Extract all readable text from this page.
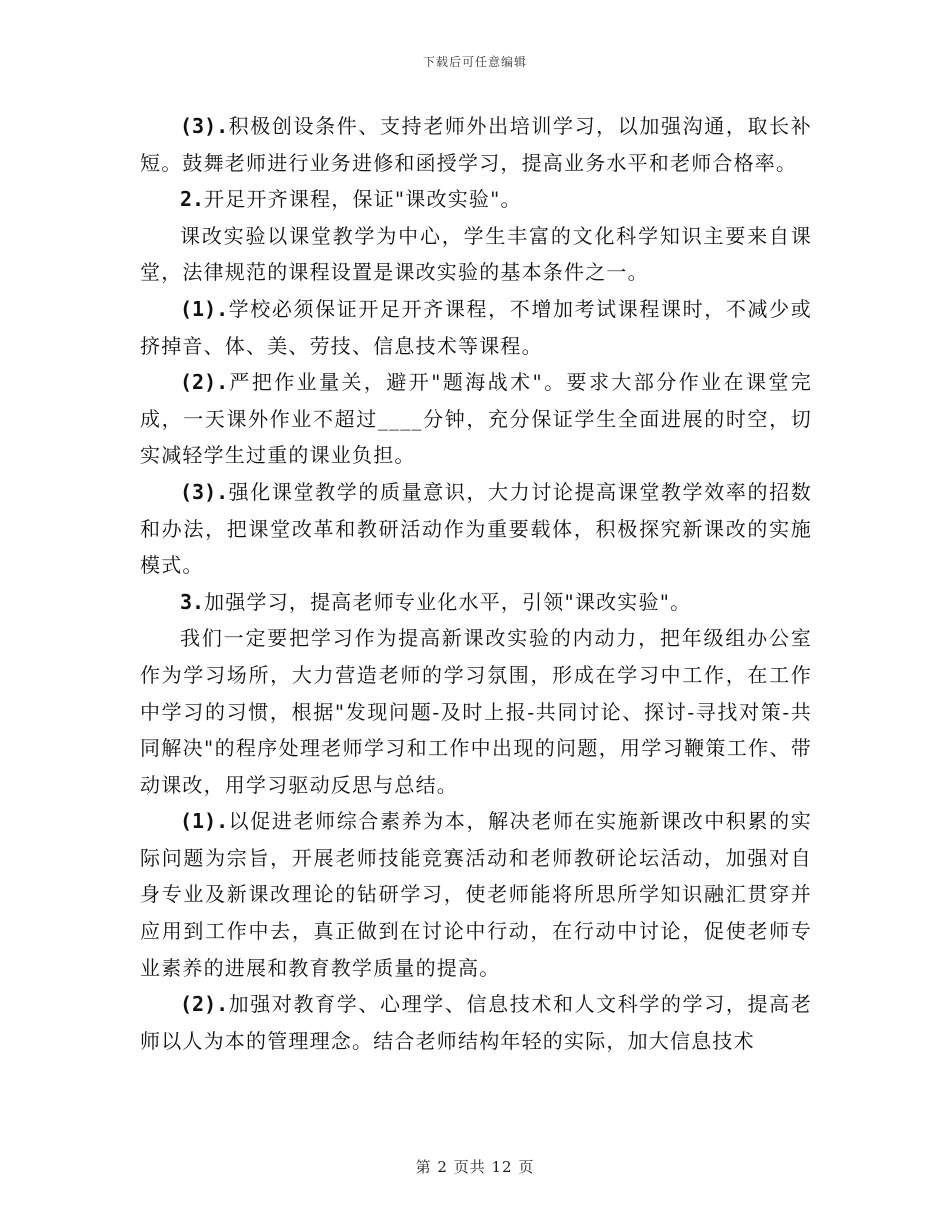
下载后可任意编辑

(3).积极创设条件、支持老师外出培训学习，以加强沟通，取长补短。鼓舞老师进行业务进修和函授学习，提高业务水平和老师合格率。

2.开足开齐课程，保证"课改实验"。

课改实验以课堂教学为中心，学生丰富的文化科学知识主要来自课堂，法律规范的课程设置是课改实验的基本条件之一。

(1).学校必须保证开足开齐课程，不增加考试课程课时，不减少或挤掉音、体、美、劳技、信息技术等课程。

(2).严把作业量关，避开"题海战术"。要求大部分作业在课堂完成，一天课外作业不超过____分钟，充分保证学生全面进展的时空，切实减轻学生过重的课业负担。

(3).强化课堂教学的质量意识，大力讨论提高课堂教学效率的招数和办法，把课堂改革和教研活动作为重要载体，积极探究新课改的实施模式。

3.加强学习，提高老师专业化水平，引领"课改实验"。

我们一定要把学习作为提高新课改实验的内动力，把年级组办公室作为学习场所，大力营造老师的学习氛围，形成在学习中工作，在工作中学习的习惯，根据"发现问题-及时上报-共同讨论、探讨-寻找对策-共同解决"的程序处理老师学习和工作中出现的问题，用学习鞭策工作、带动课改，用学习驱动反思与总结。

(1).以促进老师综合素养为本，解决老师在实施新课改中积累的实际问题为宗旨，开展老师技能竞赛活动和老师教研论坛活动，加强对自身专业及新课改理论的钻研学习，使老师能将所思所学知识融汇贯穿并应用到工作中去，真正做到在讨论中行动，在行动中讨论，促使老师专业素养的进展和教育教学质量的提高。

(2).加强对教育学、心理学、信息技术和人文科学的学习，提高老师以人为本的管理理念。结合老师结构年轻的实际，加大信息技术

第 2 页共 12 页
